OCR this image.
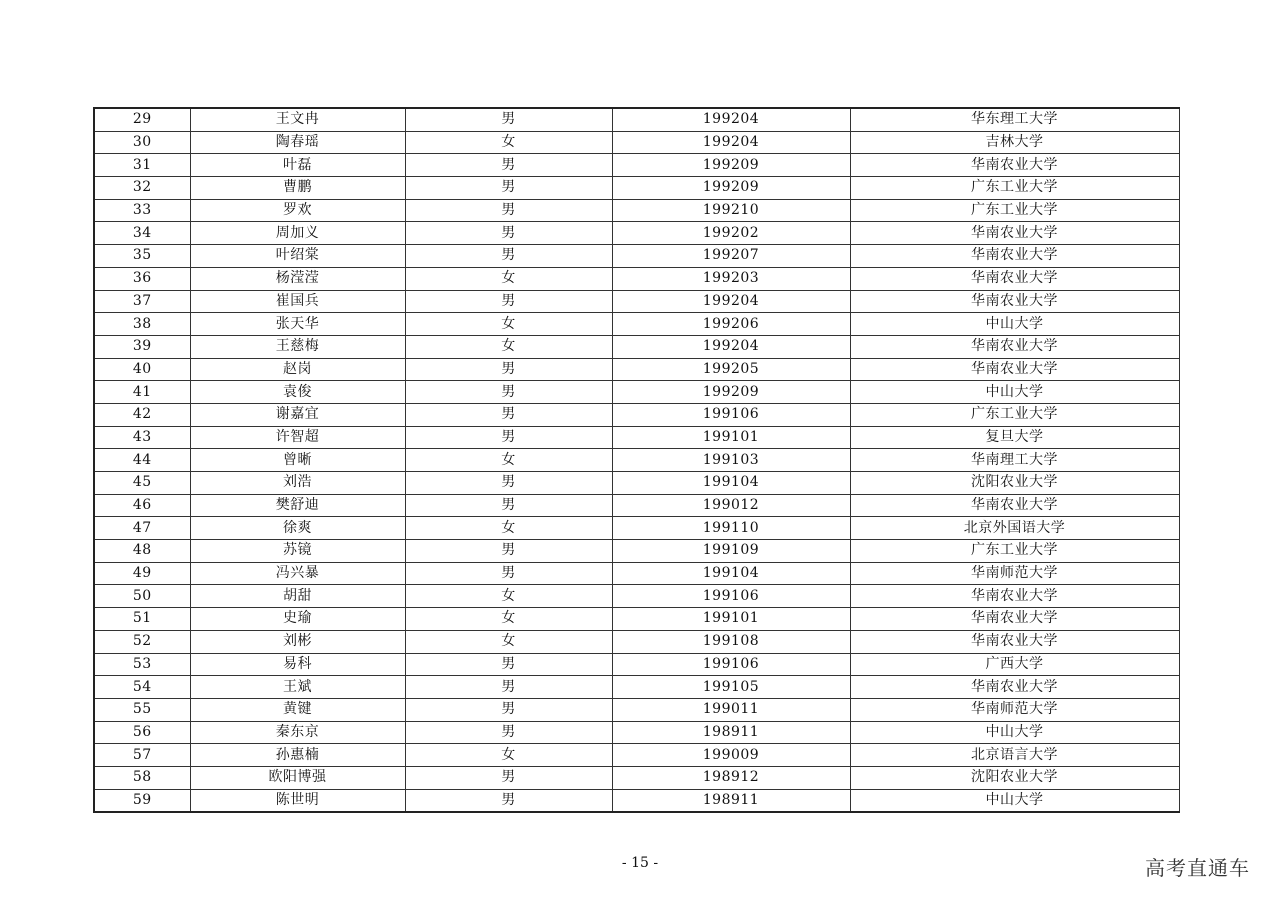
29	王文冉	男	199204	华东理工大学
30	陶春瑶	女	199204	吉林大学
31	叶磊	男	199209	华南农业大学
32	曹鹏	男	199209	广东工业大学
33	罗欢	男	199210	广东工业大学
34	周加义	男	199202	华南农业大学
35	叶绍棠	男	199207	华南农业大学
36	杨滢滢	女	199203	华南农业大学
37	崔国兵	男	199204	华南农业大学
38	张天华	女	199206	中山大学
39	王慈梅	女	199204	华南农业大学
40	赵岗	男	199205	华南农业大学
41	袁俊	男	199209	中山大学
42	谢嘉宜	男	199106	广东工业大学
43	许智超	男	199101	复旦大学
44	曾晰	女	199103	华南理工大学
45	刘浩	男	199104	沈阳农业大学
46	樊舒迪	男	199012	华南农业大学
47	徐爽	女	199110	北京外国语大学
48	苏镜	男	199109	广东工业大学
49	冯兴暴	男	199104	华南师范大学
50	胡甜	女	199106	华南农业大学
51	史瑜	女	199101	华南农业大学
52	刘彬	女	199108	华南农业大学
53	易科	男	199106	广西大学
54	王斌	男	199105	华南农业大学
55	黄键	男	199011	华南师范大学
56	秦东京	男	198911	中山大学
57	孙惠楠	女	199009	北京语言大学
58	欧阳博强	男	198912	沈阳农业大学
59	陈世明	男	198911	中山大学
- 15 -	高考直通车
